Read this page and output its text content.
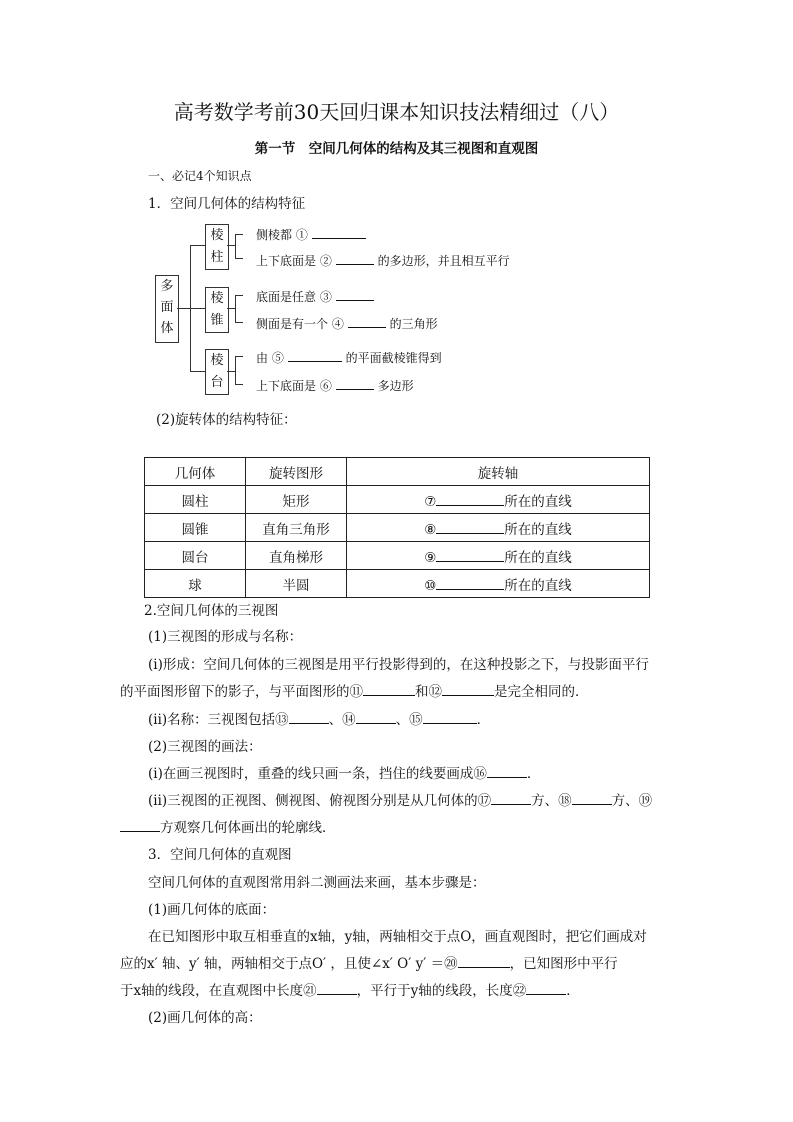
高考数学考前30天回归课本知识技法精细过（八）
第一节　空间几何体的结构及其三视图和直观图
一、必记4个知识点
1．空间几何体的结构特征
多
面
体
棱
柱
侧棱都 ①
上下底面是 ②	的多边形，并且相互平行
棱
锥
底面是任意 ③
侧面是有一个 ④	的三角形
棱
台
由 ⑤	的平面截棱锥得到
上下底面是 ⑥	多边形
(2)旋转体的结构特征：
几何体	旋转图形	旋转轴
圆柱	矩形	⑦ 所在的直线
圆锥	直角三角形	⑧ 所在的直线
圆台	直角梯形	⑨ 所在的直线
球	半圆	⑩ 所在的直线
2.空间几何体的三视图
(1)三视图的形成与名称：
(ⅰ)形成：空间几何体的三视图是用平行投影得到的，在这种投影之下，与投影面平行
的平面图形留下的影子，与平面图形的⑪	和⑫	是完全相同的．
(ⅱ)名称：三视图包括⑬	、⑭	、⑮	．
(2)三视图的画法：
(ⅰ)在画三视图时，重叠的线只画一条，挡住的线要画成⑯	．
(ⅱ)三视图的正视图、侧视图、俯视图分别是从几何体的⑰	方、⑱	方、⑲
方观察几何体画出的轮廓线．
3．空间几何体的直观图
空间几何体的直观图常用斜二测画法来画，基本步骤是：
(1)画几何体的底面：
在已知图形中取互相垂直的x轴，y轴，两轴相交于点O，画直观图时，把它们画成对
应的x′ 轴、y′ 轴，两轴相交于点O′ ，且使∠x′ O′ y′ ＝⑳	，已知图形中平行
于x轴的线段，在直观图中长度㉑	，平行于y轴的线段，长度㉒	．
(2)画几何体的高：
